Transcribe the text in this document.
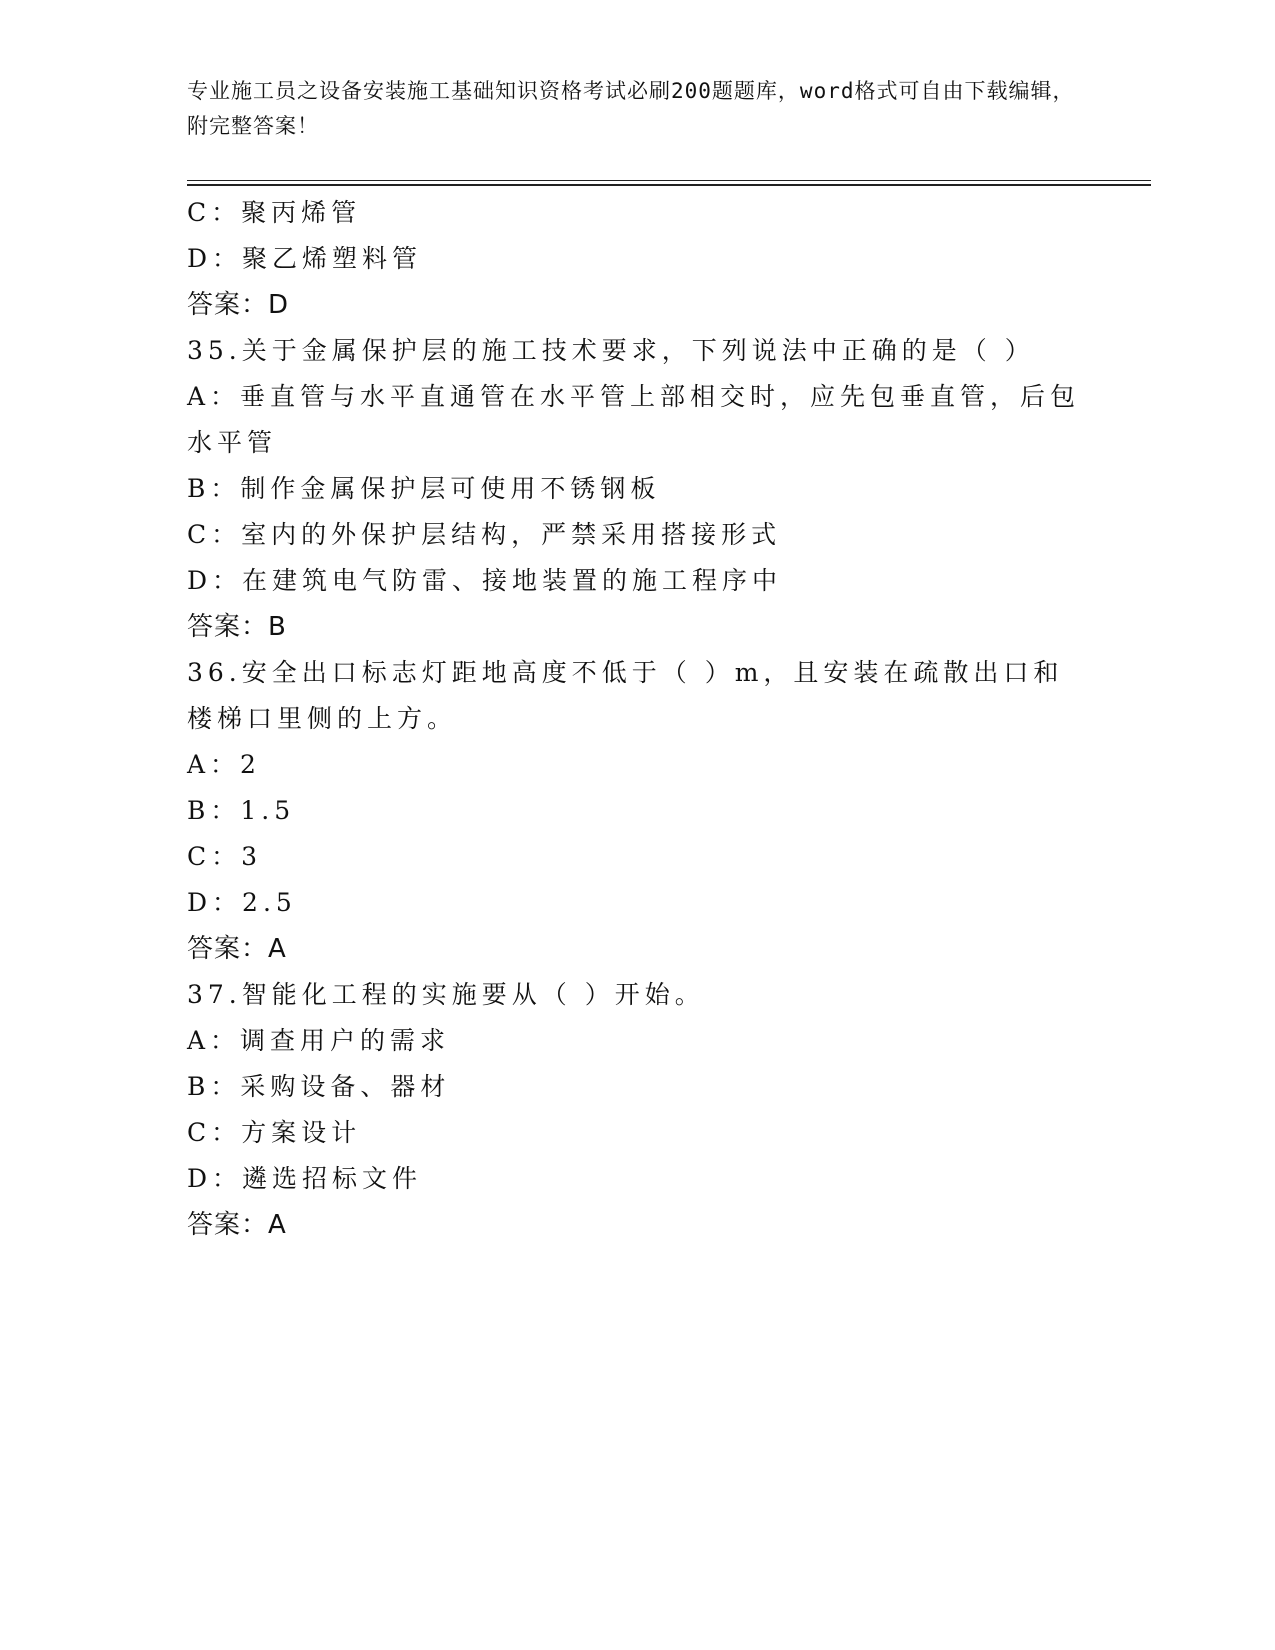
专业施工员之设备安装施工基础知识资格考试必刷200题题库，word格式可自由下载编辑，附完整答案！
C：聚丙烯管
D：聚乙烯塑料管
答案：D
35.关于金属保护层的施工技术要求，下列说法中正确的是（ ）
A：垂直管与水平直通管在水平管上部相交时，应先包垂直管，后包水平管
B：制作金属保护层可使用不锈钢板
C：室内的外保护层结构，严禁采用搭接形式
D：在建筑电气防雷、接地装置的施工程序中
答案：B
36.安全出口标志灯距地高度不低于（ ）m，且安装在疏散出口和楼梯口里侧的上方。
A：2
B：1.5
C：3
D：2.5
答案：A
37.智能化工程的实施要从（ ）开始。
A：调查用户的需求
B：采购设备、器材
C：方案设计
D：遴选招标文件
答案：A
